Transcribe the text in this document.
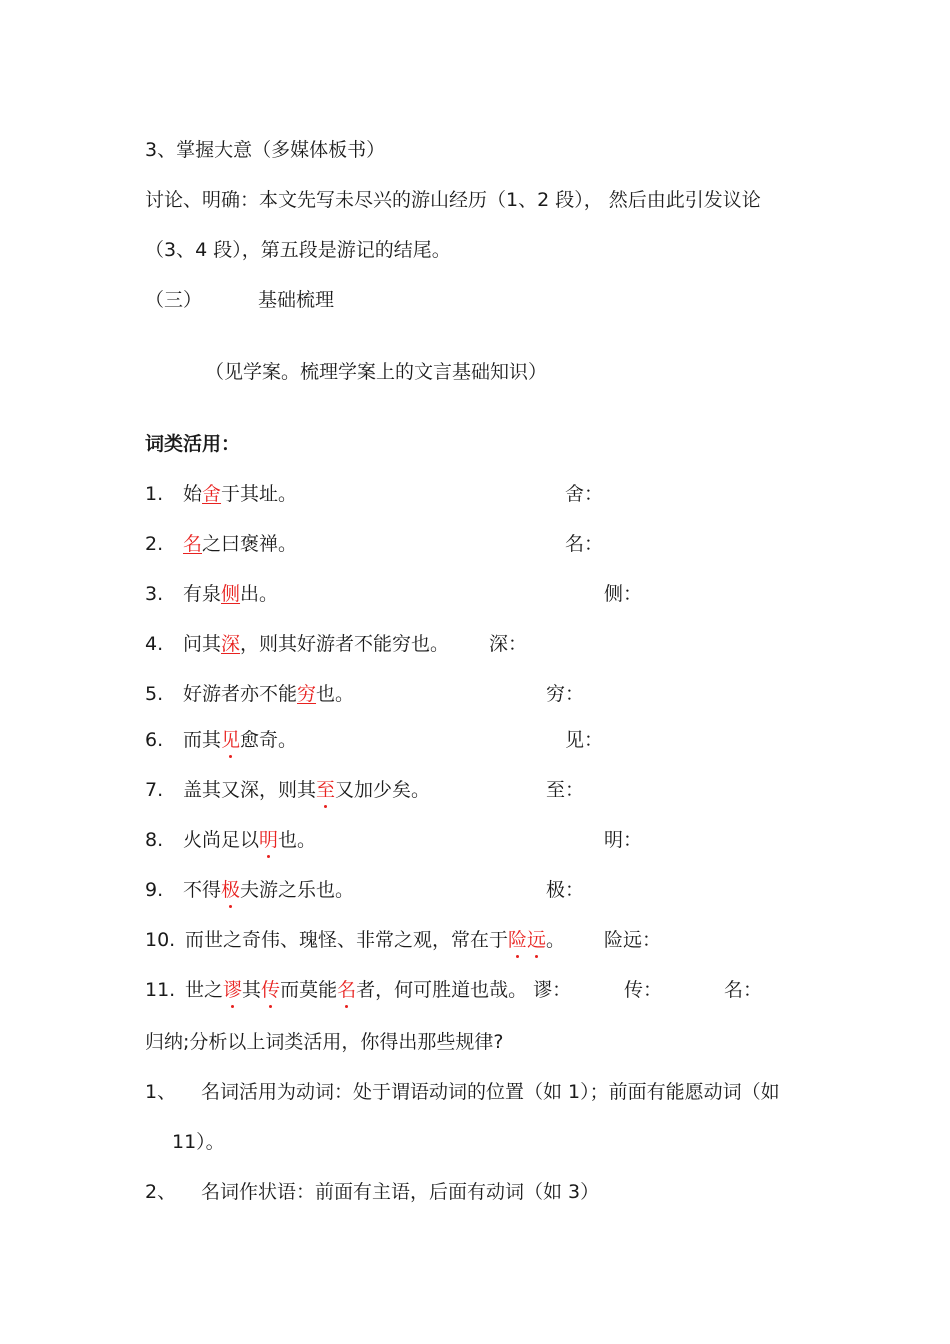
3、掌握大意（多媒体板书）
讨论、明确：本文先写未尽兴的游山经历（1、2 段）， 然后由此引发议论
（3、4 段），第五段是游记的结尾。
（三）	基础梳理
（见学案。梳理学案上的文言基础知识）
词类活用：
1. 始舍于其址。	舍：
2. 名之曰褒禅。	名：
3. 有泉侧出。	侧：
4. 问其深，则其好游者不能穷也。 深：
5. 好游者亦不能穷也。	穷：
6. 而其见愈奇。	见：
7. 盖其又深，则其至又加少矣。	至：
8. 火尚足以明也。	明：
9. 不得极夫游之乐也。	极：
10. 而世之奇伟、瑰怪、非常之观，常在于险远。 险远：
11. 世之谬其传而莫能名者，何可胜道也哉。 谬：	传：	名：
归纳;分析以上词类活用，你得出那些规律?
1、 名词活用为动词：处于谓语动词的位置（如 1）；前面有能愿动词（如
11）。
2、 名词作状语：前面有主语，后面有动词（如 3）
